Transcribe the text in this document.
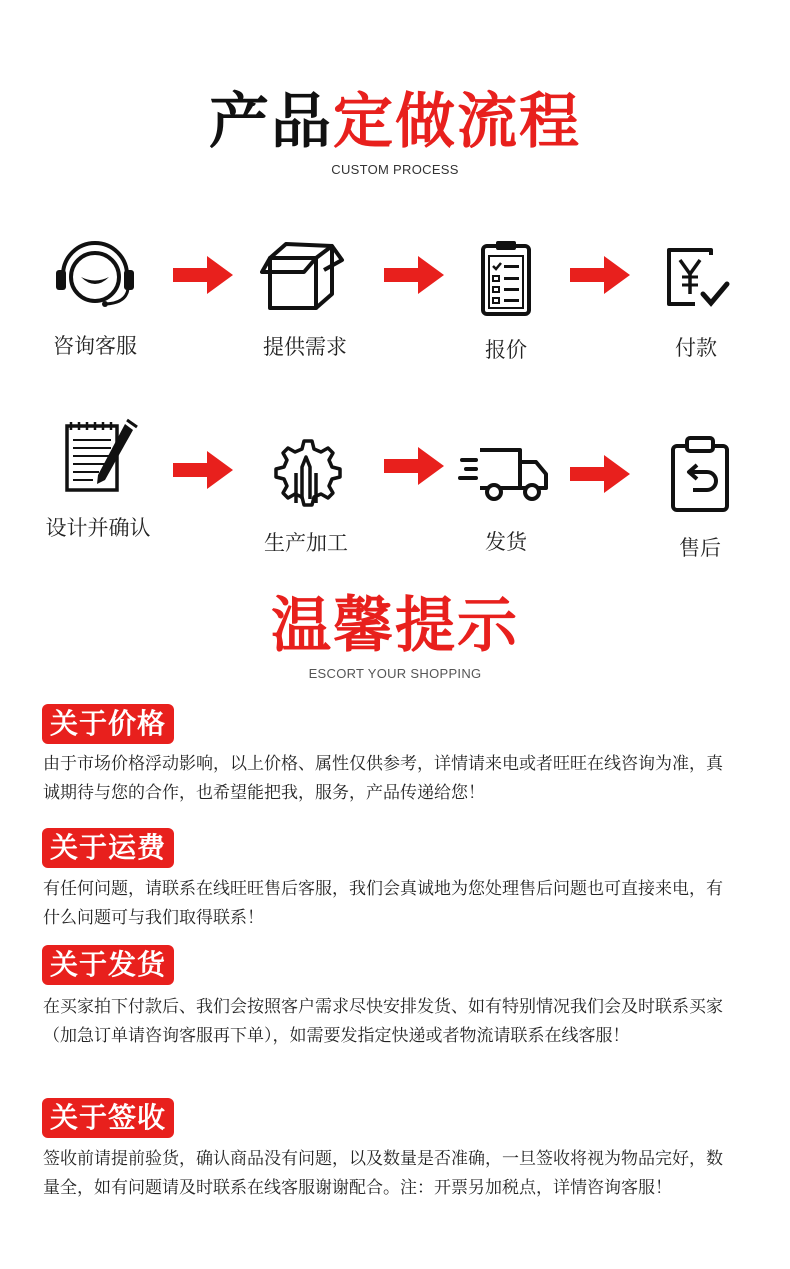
产品定做流程
CUSTOM PROCESS
咨询客服	提供需求	报价	付款
设计并确认
生产加工	发货	售后
温馨提示
ESCORT YOUR SHOPPING
关于价格
由于市场价格浮动影响，以上价格、属性仅供参考，详情请来电或者旺旺在线咨询为准，真诚期待与您的合作，也希望能把我，服务，产品传递给您！
关于运费
有任何问题，请联系在线旺旺售后客服，我们会真诚地为您处理售后问题也可直接来电，有什么问题可与我们取得联系！
关于发货
在买家拍下付款后、我们会按照客户需求尽快安排发货、如有特别情况我们会及时联系买家（加急订单请咨询客服再下单），如需要发指定快递或者物流请联系在线客服！
关于签收
签收前请提前验货，确认商品没有问题，以及数量是否准确，一旦签收将视为物品完好，数量全，如有问题请及时联系在线客服谢谢配合。注：开票另加税点，详情咨询客服！
